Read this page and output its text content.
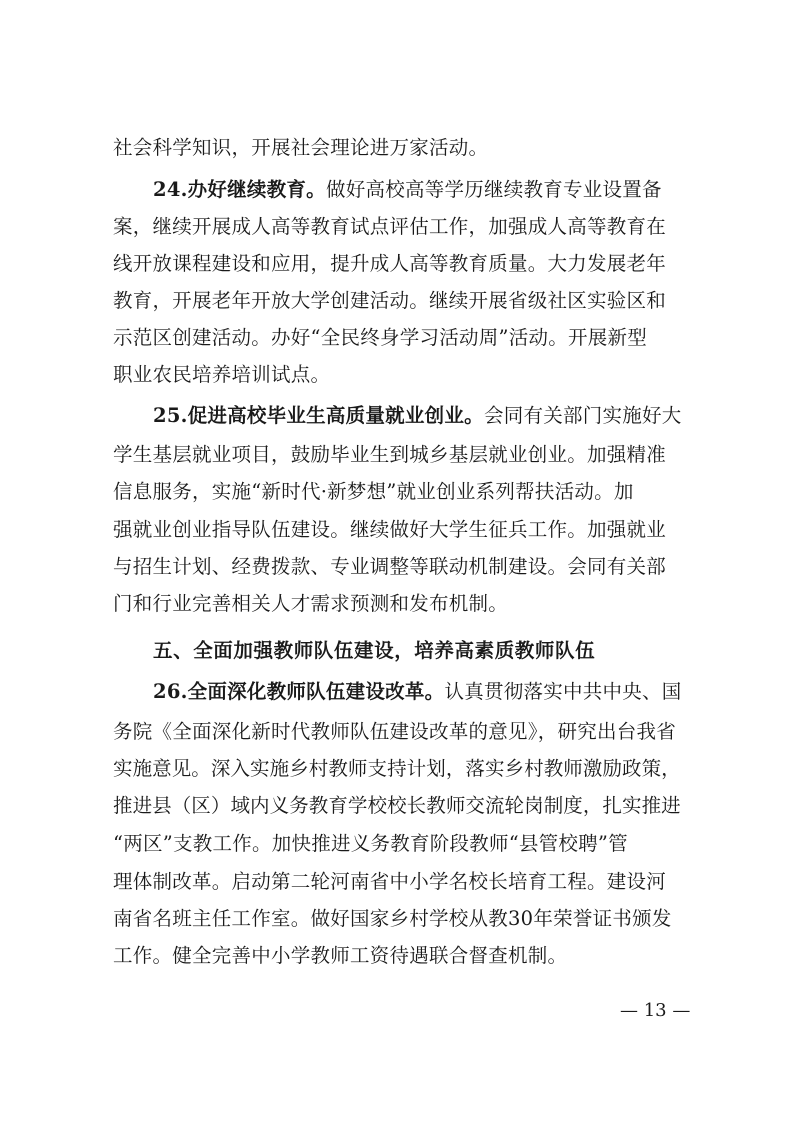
社会科学知识，开展社会理论进万家活动。
24.办好继续教育。做好高校高等学历继续教育专业设置备
案，继续开展成人高等教育试点评估工作，加强成人高等教育在
线开放课程建设和应用，提升成人高等教育质量。大力发展老年
教育，开展老年开放大学创建活动。继续开展省级社区实验区和
示范区创建活动。办好“全民终身学习活动周”活动。开展新型
职业农民培养培训试点。
25.促进高校毕业生高质量就业创业。会同有关部门实施好大
学生基层就业项目，鼓励毕业生到城乡基层就业创业。加强精准
信息服务，实施“新时代·新梦想”就业创业系列帮扶活动。加
强就业创业指导队伍建设。继续做好大学生征兵工作。加强就业
与招生计划、经费拨款、专业调整等联动机制建设。会同有关部
门和行业完善相关人才需求预测和发布机制。
五、全面加强教师队伍建设，培养高素质教师队伍
26.全面深化教师队伍建设改革。认真贯彻落实中共中央、国
务院《全面深化新时代教师队伍建设改革的意见》，研究出台我省
实施意见。深入实施乡村教师支持计划，落实乡村教师激励政策，
推进县（区）域内义务教育学校校长教师交流轮岗制度，扎实推进
“两区”支教工作。加快推进义务教育阶段教师“县管校聘”管
理体制改革。启动第二轮河南省中小学名校长培育工程。建设河
南省名班主任工作室。做好国家乡村学校从教30年荣誉证书颁发
工作。健全完善中小学教师工资待遇联合督查机制。
— 13 —
